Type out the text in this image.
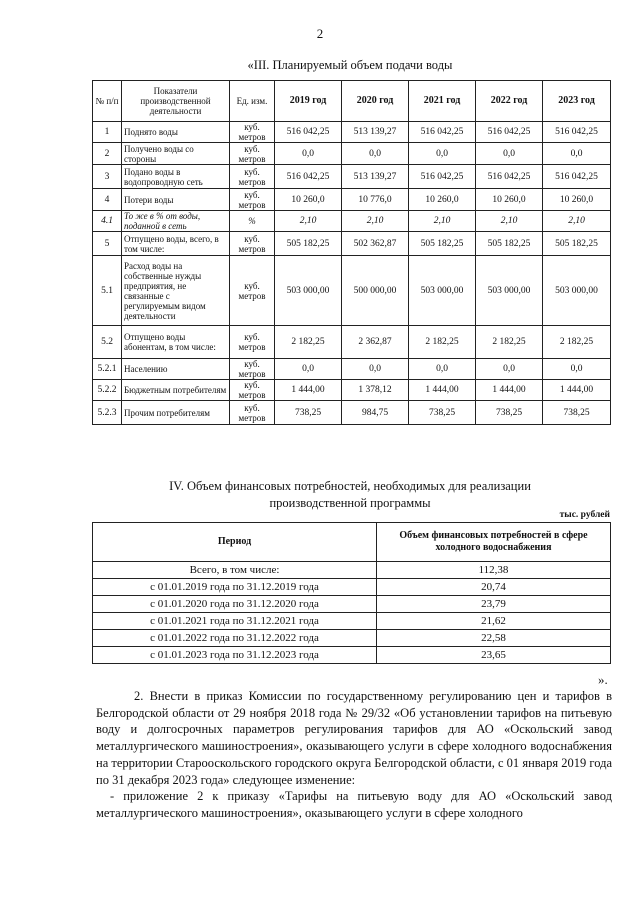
2
«III. Планируемый объем подачи воды
№ п/п	Показатели производственной деятельности	Ед. изм.	2019 год	2020 год	2021 год	2022 год	2023 год
1	Поднято воды	куб. метров	516 042,25	513 139,27	516 042,25	516 042,25	516 042,25
2	Получено воды со стороны	куб. метров	0,0	0,0	0,0	0,0	0,0
3	Подано воды в водопроводную сеть	куб. метров	516 042,25	513 139,27	516 042,25	516 042,25	516 042,25
4	Потери воды	куб. метров	10 260,0	10 776,0	10 260,0	10 260,0	10 260,0
4.1	То же в % от воды, поданной в сеть	%	2,10	2,10	2,10	2,10	2,10
5	Отпущено воды, всего, в том числе:	куб. метров	505 182,25	502 362,87	505 182,25	505 182,25	505 182,25
5.1	Расход воды на собственные нужды предприятия, не связанные с регулируемым видом деятельности	куб. метров	503 000,00	500 000,00	503 000,00	503 000,00	503 000,00
5.2	Отпущено воды абонентам, в том числе:	куб. метров	2 182,25	2 362,87	2 182,25	2 182,25	2 182,25
5.2.1	Населению	куб. метров	0,0	0,0	0,0	0,0	0,0
5.2.2	Бюджетным потребителям	куб. метров	1 444,00	1 378,12	1 444,00	1 444,00	1 444,00
5.2.3	Прочим потребителям	куб. метров	738,25	984,75	738,25	738,25	738,25
IV. Объем финансовых потребностей, необходимых для реализации
производственной программы
тыс. рублей
Период	Объем финансовых потребностей в сфере холодного водоснабжения
Всего, в том числе:	112,38
с 01.01.2019 года по 31.12.2019 года	20,74
с 01.01.2020 года по 31.12.2020 года	23,79
с 01.01.2021 года по 31.12.2021 года	21,62
с 01.01.2022 года по 31.12.2022 года	22,58
с 01.01.2023 года по 31.12.2023 года	23,65
».

2. Внести в приказ Комиссии по государственному регулированию цен и тарифов в Белгородской области от 29 ноября 2018 года № 29/32 «Об установлении тарифов на питьевую воду и долгосрочных параметров регулирования тарифов для АО «Оскольский завод металлургического машиностроения», оказывающего услуги в сфере холодного водоснабжения на территории Старооскольского городского округа Белгородской области, с 01 января 2019 года по 31 декабря 2023 года» следующее изменение:

- приложение 2 к приказу «Тарифы на питьевую воду для АО «Оскольский завод металлургического машиностроения», оказывающего услуги в сфере холодного
